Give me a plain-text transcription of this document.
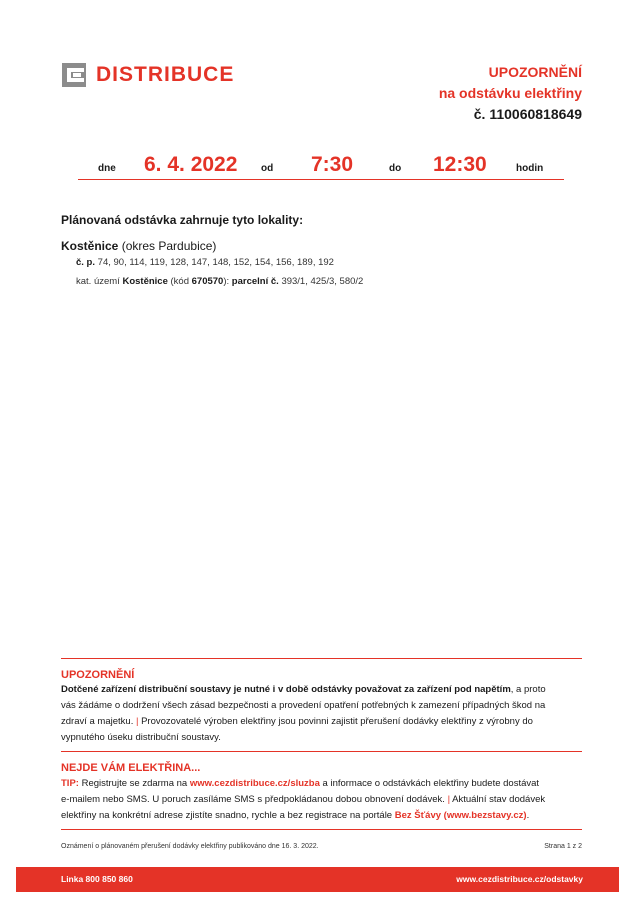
DISTRIBUCE	UPOZORNĚNÍ
na odstávku elektřiny
č. 110060818649
dne 6. 4. 2022 od 7:30	do 12:30	hodin
Plánovaná odstávka zahrnuje tyto lokality:
Kostěnice (okres Pardubice)
č. p. 74, 90, 114, 119, 128, 147, 148, 152, 154, 156, 189, 192
kat. území Kostěnice (kód 670570): parcelní č. 393/1, 425/3, 580/2
UPOZORNĚNÍ
Dotčené zařízení distribuční soustavy je nutné i v době odstávky považovat za zařízení pod napětím, a proto
vás žádáme o dodržení všech zásad bezpečnosti a provedení opatření potřebných k zamezení případných škod na
zdraví a majetku. | Provozovatelé výroben elektřiny jsou povinni zajistit přerušení dodávky elektřiny z výrobny do
vypnutého úseku distribuční soustavy.
NEJDE VÁM ELEKTŘINA...
TIP: Registrujte se zdarma na www.cezdistribuce.cz/sluzba a informace o odstávkách elektřiny budete dostávat
e-mailem nebo SMS. U poruch zasíláme SMS s předpokládanou dobou obnovení dodávek. | Aktuální stav dodávek
elektřiny na konkrétní adrese zjistíte snadno, rychle a bez registrace na portále Bez Šťávy (www.bezstavy.cz).
Oznámení o plánovaném přerušení dodávky elektřiny publikováno dne 16. 3. 2022.	Strana 1 z 2
Linka 800 850 860	www.cezdistribuce.cz/odstavky
